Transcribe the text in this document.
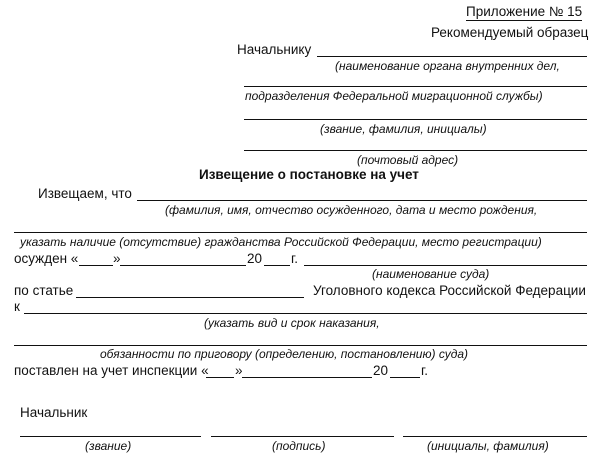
Приложение № 15
Рекомендуемый образец
Начальнику
(наименование органа внутренних дел,
подразделения Федеральной миграционной службы)
(звание, фамилия, инициалы)
(почтовый адрес)
Извещение о постановке на учет
Извещаем, что
(фамилия, имя, отчество осужденного, дата и место рождения,
указать наличие (отсутствие) гражданства Российской Федерации, место регистрации)
осужден «	»	20 г.
(наименование суда)
по статье	Уголовного кодекса Российской Федерации
к
(указать вид и срок наказания,
обязанности по приговору (определению, постановлению) суда)
поставлен на учет инспекции « »	20 г.
Начальник
(звание)	(подпись)	(инициалы, фамилия)
